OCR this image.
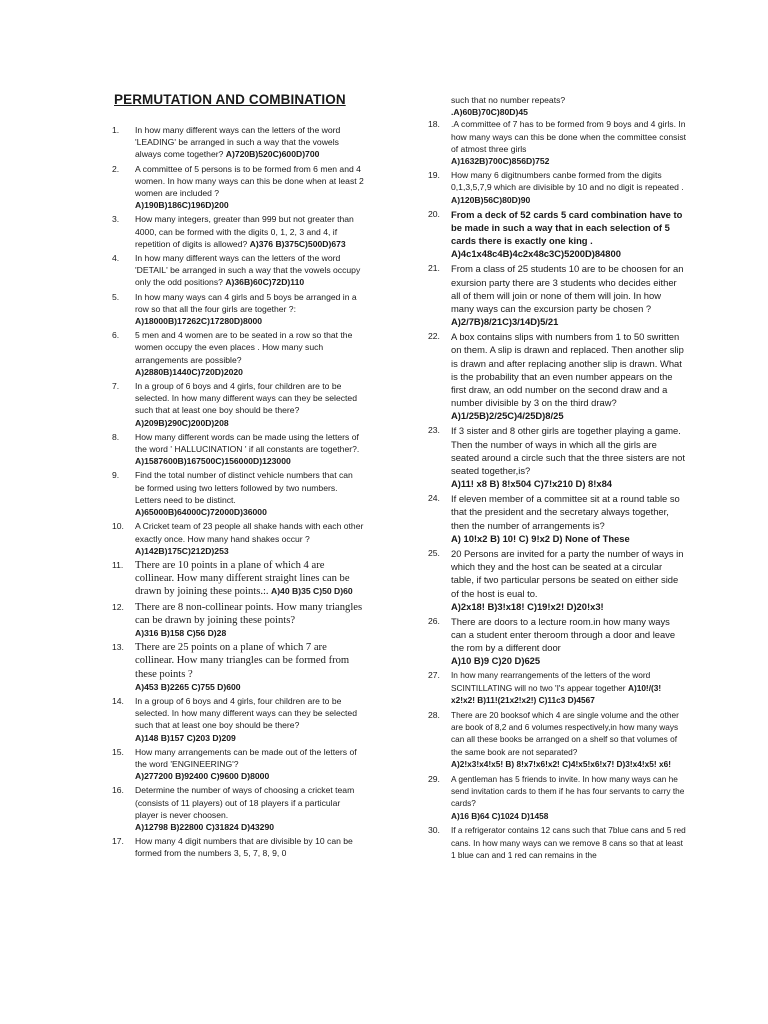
PERMUTATION AND COMBINATION
1.	In how many different ways can the letters of the word 'LEADING' be arranged in such a way that the vowels always come together? A)720B)520C)600D)700
2.	A committee of 5 persons is to be formed from 6 men and 4 women. In how many ways can this be done when at least 2 women are included ?
A)190B)186C)196D)200
3.	How many integers, greater than 999 but not greater than 4000, can be formed with the digits 0, 1, 2, 3 and 4, if repetition of digits is allowed? A)376 B)375C)500D)673
4.	In how many different ways can the letters of the word 'DETAIL' be arranged in such a way that the vowels occupy only the odd positions? A)36B)60C)72D)110
5.	In how many ways can 4 girls and 5 boys be arranged in a row so that all the four girls are together ?:
A)18000B)17262C)17280D)8000
6.	5 men and 4 women are to be seated in a row so that the women occupy the even places . How many such arrangements are possible?
A)2880B)1440C)720D)2020
7.	In a group of 6 boys and 4 girls, four children are to be selected. In how many different ways can they be selected such that at least one boy should be there?
A)209B)290C)200D)208
8.	How many different words can be made using the letters of the word ' HALLUCINATION ' if all constants are together?.
A)1587600B)167500C)156000D)123000
9.	Find the total number of distinct vehicle numbers that can be formed using two letters followed by two numbers. Letters need to be distinct.
A)65000B)64000C)72000D)36000
10.	A Cricket team of 23 people all shake hands with each other exactly once. How many hand shakes occur ?
A)142B)175C)212D)253
11.	There are 10 points in a plane of which 4 are collinear. How many different straight lines can be drawn by joining these points.:. A)40 B)35 C)50 D)60
12.	There are 8 non-collinear points. How many triangles can be drawn by joining these points?
A)316 B)158 C)56 D)28
13.	There are 25 points on a plane of which 7 are collinear. How many triangles can be formed from these points ?
A)453 B)2265 C)755 D)600
14.	In a group of 6 boys and 4 girls, four children are to be selected. In how many different ways can they be selected such that at least one boy should be there?
A)148 B)157 C)203 D)209
15.	How many arrangements can be made out of the letters of the word 'ENGINEERING'?
A)277200 B)92400 C)9600 D)8000
16.	Determine the number of ways of choosing a cricket team (consists of 11 players) out of 18 players if a particular player is never choosen.
A)12798 B)22800 C)31824 D)43290
17.	How many 4 digit numbers that are divisible by 10 can be formed from the numbers 3, 5, 7, 8, 9, 0
such that no number repeats?
.A)60B)70C)80D)45
18.	.A committee of 7 has to be formed from 9 boys and 4 girls. In how many ways can this be done when the committee consist of atmost three girls
A)1632B)700C)856D)752
19.	How many 6 digitnumbers canbe formed from the digits 0,1,3,5,7,9 which are divisible by 10 and no digit is repeated .
A)120B)56C)80D)90
20.	From a deck of 52 cards 5 card combination have to be made in such a way that in each selection of 5 cards there is exactly one king .
A)4c1x48c4B)4c2x48c3C)5200D)84800
21.	From a class of 25 students 10 are to be choosen for an exursion party there are 3 students who decides either all of them will join or none of them will join. In how many ways can the excursion party be chosen ?
A)2/7B)8/21C)3/14D)5/21
22.	A box contains slips with numbers from 1 to 50 swritten on them. A slip is drawn and replaced. Then another slip is drawn and after replacing another slip is drawn. What is the probability that an even number appears on the first draw, an odd number on the second draw and a number divisible by 3 on the third draw?
A)1/25B)2/25C)4/25D)8/25
23.	If 3 sister and 8 other girls are together playing a game. Then the number of ways in which all the girls are seated around a circle such that the three sisters are not seated together,is?
A)11! x8 B) 8!x504 C)7!x210 D) 8!x84
24.	If eleven member of a committee sit at a round table so that the president and the secretary always together, then the number of arrangements is?
A) 10!x2 B) 10! C) 9!x2 D) None of These
25.	20 Persons are invited for a party the number of ways in which they and the host can be seated at a circular table, if two particular persons be seated on either side of the host is eual to.
A)2x18! B)3!x18! C)19!x2! D)20!x3!
26.	There are doors to a lecture room.in how many ways can a student enter theroom through a door and leave the rom by a different door
A)10 B)9 C)20 D)625
27.	In how many rearrangements of the letters of the word SCINTILLATING will no two 'I's appear together A)10!/(3! x2!x2! B)11!(21x2!x2!) C)11c3 D)4567
28.	There are 20 booksof which 4 are single volume and the other are book of 8,2 and 6 volumes respectively,in how many ways can all these books be arranged on a shelf so that volumes of the same book are not separated?
A)2!x3!x4!x5! B) 8!x7!x6!x2! C)4!x5!x6!x7! D)3!x4!x5! x6!
29.	A gentleman has 5 friends to invite. In how many ways can he send invitation cards to them if he has four servants to carry the cards?
A)16 B)64 C)1024 D)1458
30.	If a refrigerator contains 12 cans such that 7blue cans and 5 red cans. In how many ways can we remove 8 cans so that at least 1 blue can and 1 red can remains in the
